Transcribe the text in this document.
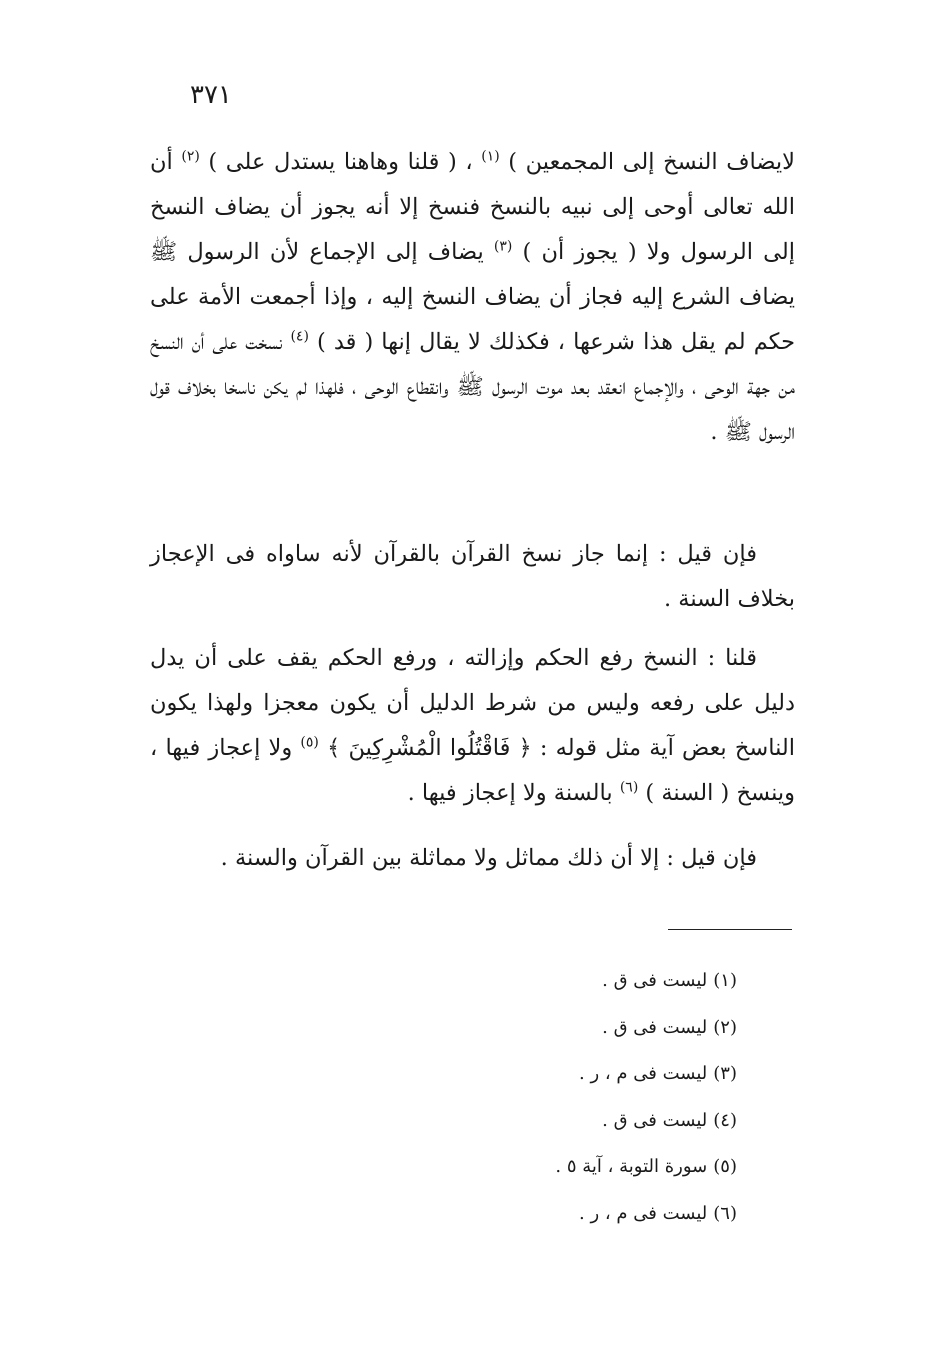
٣٧١

لايضاف النسخ إلى المجمعين ) $^{(١)}$ ، ( قلنا وهاهنا يستدل على ) $^{(٢)}$ أن الله تعالى أوحى إلى نبيه بالنسخ فنسخ إلا أنه يجوز أن يضاف النسخ إلى الرسول ولا ( يجوز أن ) $^{(٣)}$ يضاف إلى الإجماع لأن الرسول ﷺ يضاف الشرع إليه فجاز أن يضاف النسخ إليه ، وإذا أجمعت الأمة على حكم لم يقل هذا شرعها ، فكذلك لا يقال إنها ( قد ) $^{(٤)}$ نسخت على أن النسخ من جهة الوحى ، والإجماع انعقد بعد موت الرسول ﷺ وانقطاع الوحى ، فلهذا لم يكن ناسخا بخلاف قول الرسول ﷺ .

فإن قيل : إنما جاز نسخ القرآن بالقرآن لأنه ساواه فى الإعجاز بخلاف السنة .

قلنا : النسخ رفع الحكم وإزالته ، ورفع الحكم يقف على أن يدل دليل على رفعه وليس من شرط الدليل أن يكون معجزا ولهذا يكون الناسخ بعض آية مثل قوله : ﴿ فَاقْتُلُوا الْمُشْرِكِينَ ﴾ $^{(٥)}$ ولا إعجاز فيها ، وينسخ ( السنة ) $^{(٦)}$ بالسنة ولا إعجاز فيها .

فإن قيل : إلا أن ذلك مماثل ولا مماثلة بين القرآن والسنة .

(١)ليست فى ق .
(٢)ليست فى ق .
(٣)ليست فى م ، ر .
(٤)ليست فى ق .
(٥)سورة التوبة ، آية ٥ .
(٦)ليست فى م ، ر .
